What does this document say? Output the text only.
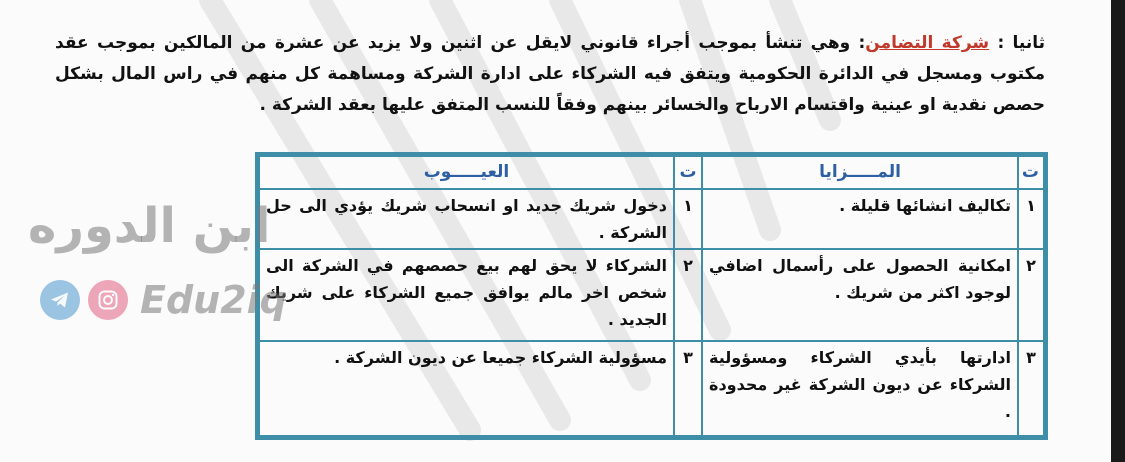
ثانيا : شركة التضامن: وهي تنشأ بموجب أجراء قانوني لايقل عن اثنين ولا يزيد عن عشرة من المالكين بموجب عقد مكتوب ومسجل في الدائرة الحكومية ويتفق فيه الشركاء على ادارة الشركة ومساهمة كل منهم في راس المال بشكل حصص نقدية او عينية واقتسام الارباح والخسائر بينهم وفقاً للنسب المتفق عليها بعقد الشركة .
ت	المـــــزايا	ت	العيـــــوب
١	تكاليف انشائها قليلة .	١	دخول شريك جديد او انسحاب شريك يؤدي الى حل الشركة .
٢	امكانية الحصول على رأسمال اضافي لوجود اكثر من شريك .	٢	الشركاء لا يحق لهم بيع حصصهم في الشركة الى شخص اخر مالم يوافق جميع الشركاء على شريك الجديد .
٣	ادارتها بأيدي الشركاء ومسؤولية الشركاء عن ديون الشركة غير محدودة .	٣	مسؤولية الشركاء جميعا عن ديون الشركة .
ابن الدوره
Edu2iq
